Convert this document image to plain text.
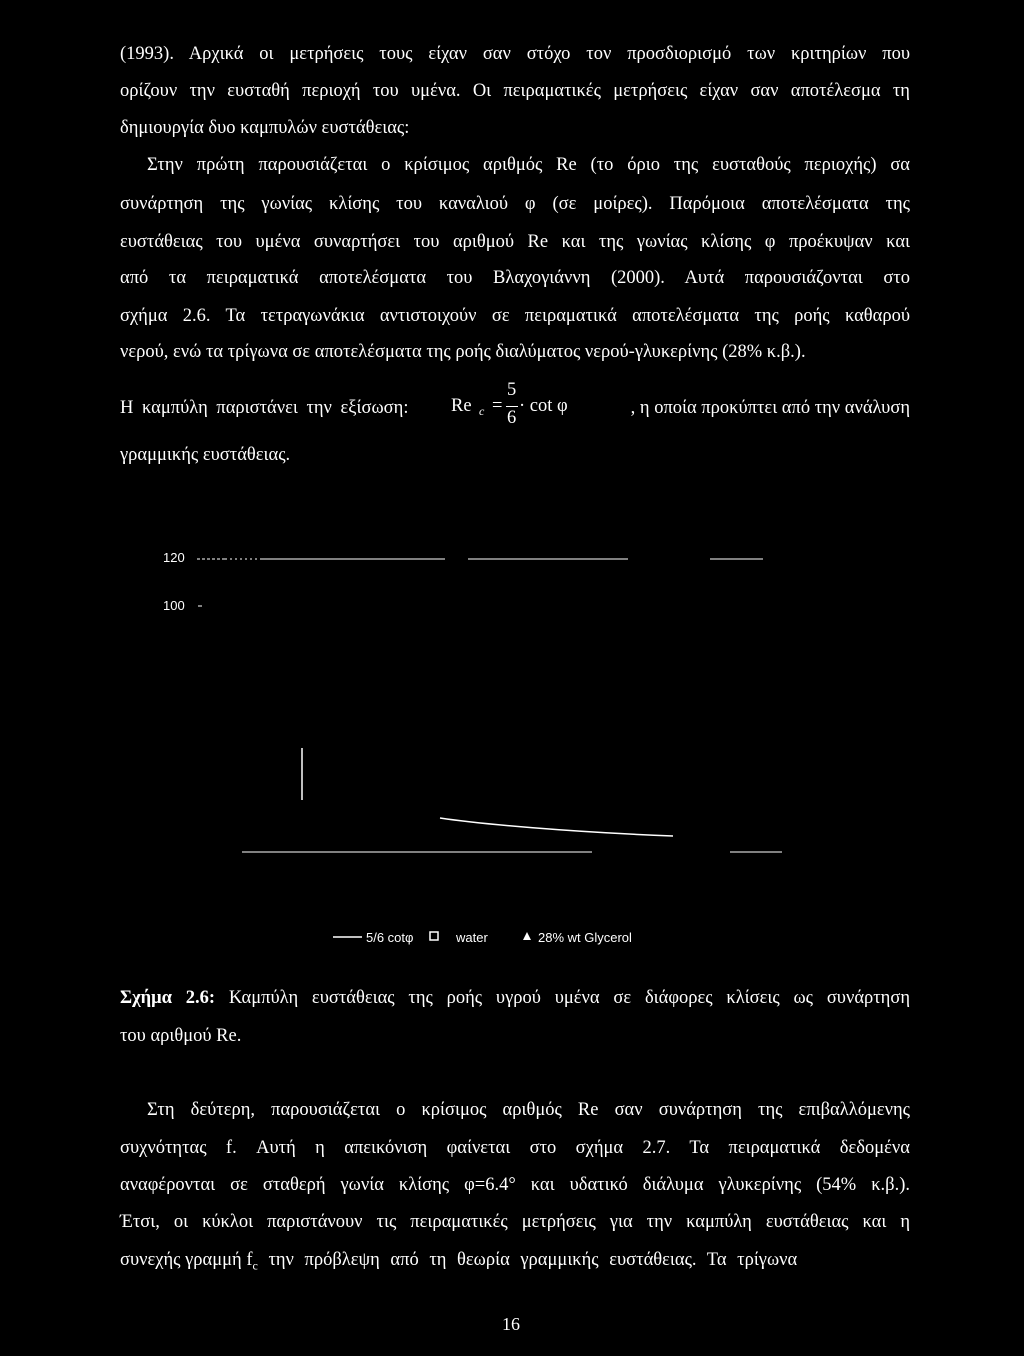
(1993). Αρχικά οι μετρήσεις τους είχαν σαν στόχο τον προσδιορισμό των κριτηρίων που
ορίζουν την ευσταθή περιοχή του υμένα. Οι πειραματικές μετρήσεις είχαν σαν αποτέλεσμα τη
δημιουργία δυο καμπυλών ευστάθειας:
Στην πρώτη παρουσιάζεται ο κρίσιμος αριθμός Re (το όριο της ευσταθούς περιοχής) σα
συνάρτηση της γωνίας κλίσης του καναλιού φ (σε μοίρες). Παρόμοια αποτελέσματα της
ευστάθειας του υμένα συναρτήσει του αριθμού Re και της γωνίας κλίσης φ προέκυψαν και
από τα πειραματικά αποτελέσματα του Βλαχογιάννη (2000). Αυτά παρουσιάζονται στο
σχήμα 2.6. Τα τετραγωνάκια αντιστοιχούν σε πειραματικά αποτελέσματα της ροής καθαρού
νερού, ενώ τα τρίγωνα σε αποτελέσματα της ροής διαλύματος νερού-γλυκερίνης (28% κ.β.).
Η καμπύλη παριστάνει την εξίσωση:	Re c =
5
6
· cot φ	, η οποία προκύπτει από την ανάλυση
γραμμικής ευστάθειας.
120
100
5/6 cotφ	water	28% wt Glycerol
Σχήμα 2.6: Καμπύλη ευστάθειας της ροής υγρού υμένα σε διάφορες κλίσεις ως συνάρτηση
του αριθμού Re.
Στη δεύτερη, παρουσιάζεται ο κρίσιμος αριθμός Re σαν συνάρτηση της επιβαλλόμενης
συχνότητας f. Αυτή η απεικόνιση φαίνεται στο σχήμα 2.7. Τα πειραματικά δεδομένα
αναφέρονται σε σταθερή γωνία κλίσης φ=6.4° και υδατικό διάλυμα γλυκερίνης (54% κ.β.).
Έτσι, οι κύκλοι παριστάνουν τις πειραματικές μετρήσεις για την καμπύλη ευστάθειας και η
συνεχής γραμμή $f_c$ την πρόβλεψη από τη θεωρία γραμμικής ευστάθειας. Τα τρίγωνα
16
